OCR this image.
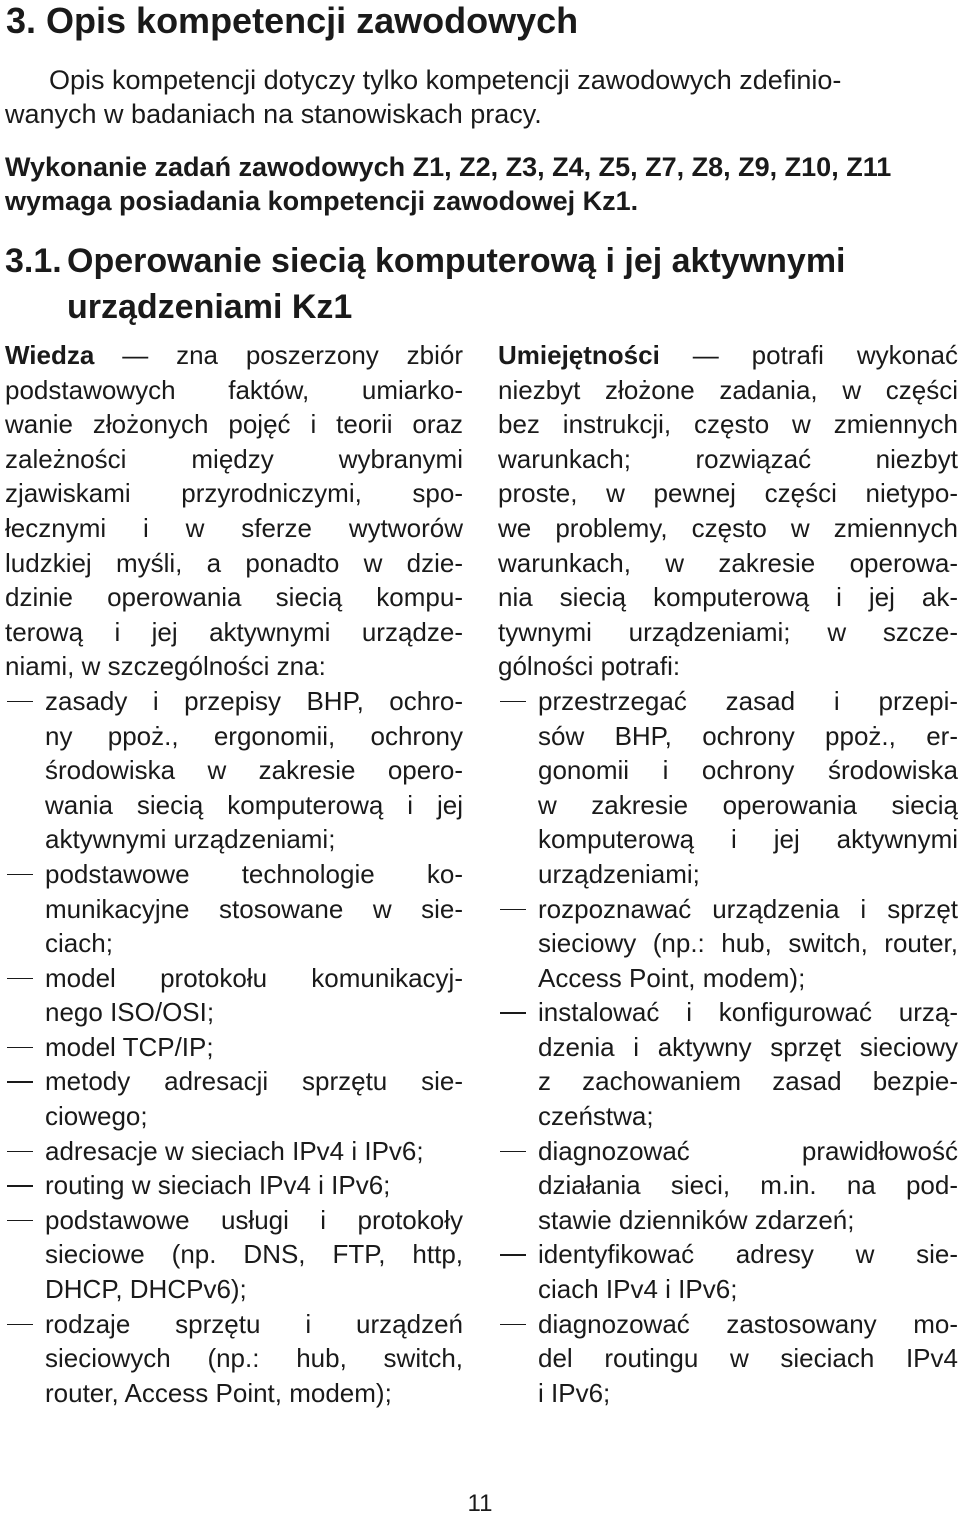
3. Opis kompetencji zawodowych

Opis kompetencji dotyczy tylko kompetencji zawodowych zdefinio-
wanych w badaniach na stanowiskach pracy.

Wykonanie zadań zawodowych Z1, Z2, Z3, Z4, Z5, Z7, Z8, Z9, Z10, Z11
wymaga posiadania kompetencji zawodowej Kz1.

3.1. Operowanie siecią komputerową i jej aktywnymi
urządzeniami Kz1
Wiedza — zna poszerzony zbiór
podstawowych faktów, umiarko-
wanie złożonych pojęć i teorii oraz
zależności między wybranymi
zjawiskami przyrodniczymi, spo-
łecznymi i w sferze wytworów
ludzkiej myśli, a ponadto w dzie-
dzinie operowania siecią kompu-
terową i jej aktywnymi urządze-
niami, w szczególności zna:
zasady i przepisy BHP, ochro-
ny ppoż., ergonomii, ochrony
środowiska w zakresie opero-
wania siecią komputerową i jej
aktywnymi urządzeniami;
podstawowe technologie ko-
munikacyjne stosowane w sie-
ciach;
model protokołu komunikacyj-
nego ISO/OSI;
model TCP/IP;
metody adresacji sprzętu sie-
ciowego;
adresacje w sieciach IPv4 i IPv6;
routing w sieciach IPv4 i IPv6;
podstawowe usługi i protokoły
sieciowe (np. DNS, FTP, http,
DHCP, DHCPv6);
rodzaje sprzętu i urządzeń
sieciowych (np.: hub, switch,
router, Access Point, modem);
Umiejętności — potrafi wykonać
niezbyt złożone zadania, w części
bez instrukcji, często w zmiennych
warunkach; rozwiązać niezbyt
proste, w pewnej części nietypo-
we problemy, często w zmiennych
warunkach, w zakresie operowa-
nia siecią komputerową i jej ak-
tywnymi urządzeniami; w szcze-
gólności potrafi:
przestrzegać zasad i przepi-
sów BHP, ochrony ppoż., er-
gonomii i ochrony środowiska
w zakresie operowania siecią
komputerową i jej aktywnymi
urządzeniami;
rozpoznawać urządzenia i sprzęt
sieciowy (np.: hub, switch, router,
Access Point, modem);
instalować i konfigurować urzą-
dzenia i aktywny sprzęt sieciowy
z zachowaniem zasad bezpie-
czeństwa;
diagnozować prawidłowość
działania sieci, m.in. na pod-
stawie dzienników zdarzeń;
identyfikować adresy w sie-
ciach IPv4 i IPv6;
diagnozować zastosowany mo-
del routingu w sieciach IPv4
i IPv6;
11
